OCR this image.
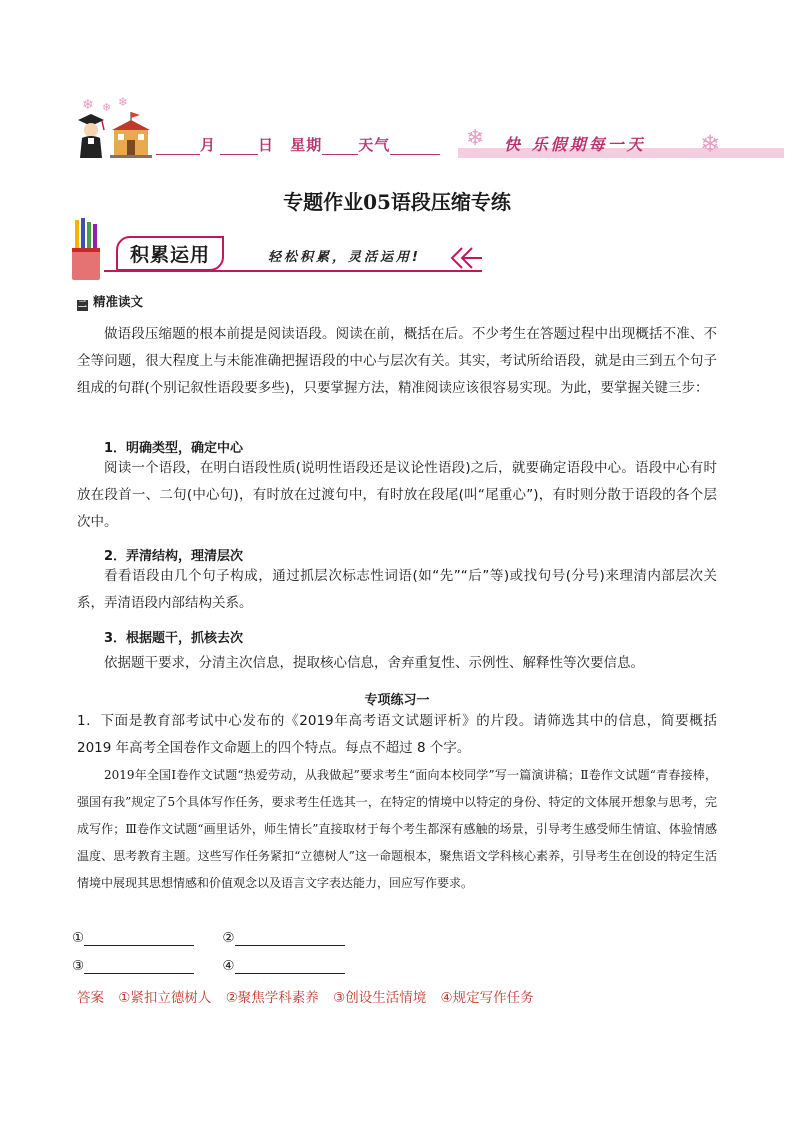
❄ ❄ ❄
月	日 星期 天气	❄ 快 乐假期每一天 ❄
专题作业05语段压缩专练
积累运用	轻松积累，灵活运用!
二 精准读文
做语段压缩题的根本前提是阅读语段。阅读在前，概括在后。不少考生在答题过程中出现概括不准、不全等问题，很大程度上与未能准确把握语段的中心与层次有关。其实，考试所给语段，就是由三到五个句子组成的句群(个别记叙性语段要多些)，只要掌握方法，精准阅读应该很容易实现。为此，要掌握关键三步：
1．明确类型，确定中心
阅读一个语段，在明白语段性质(说明性语段还是议论性语段)之后，就要确定语段中心。语段中心有时放在段首一、二句(中心句)，有时放在过渡句中，有时放在段尾(叫“尾重心”)，有时则分散于语段的各个层次中。
2．弄清结构，理清层次
看看语段由几个句子构成，通过抓层次标志性词语(如“先”“后”等)或找句号(分号)来理清内部层次关系，弄清语段内部结构关系。
3．根据题干，抓核去次
依据题干要求，分清主次信息，提取核心信息，舍弃重复性、示例性、解释性等次要信息。
专项练习一
1．下面是教育部考试中心发布的《2019年高考语文试题评析》的片段。请筛选其中的信息，简要概括 2019 年高考全国卷作文命题上的四个特点。每点不超过 8 个字。
2019年全国Ⅰ卷作文试题“热爱劳动，从我做起”要求考生“面向本校同学”写一篇演讲稿；Ⅱ卷作文试题“青春接棒，强国有我”规定了5个具体写作任务，要求考生任选其一，在特定的情境中以特定的身份、特定的文体展开想象与思考，完成写作；Ⅲ卷作文试题“画里话外，师生情长”直接取材于每个考生都深有感触的场景，引导考生感受师生情谊、体验情感温度、思考教育主题。这些写作任务紧扣“立德树人”这一命题根本，聚焦语文学科核心素养，引导考生在创设的特定生活情境中展现其思想情感和价值观念以及语言文字表达能力，回应写作要求。
①	②
③	④
答案 ①紧扣立德树人 ②聚焦学科素养 ③创设生活情境 ④规定写作任务
